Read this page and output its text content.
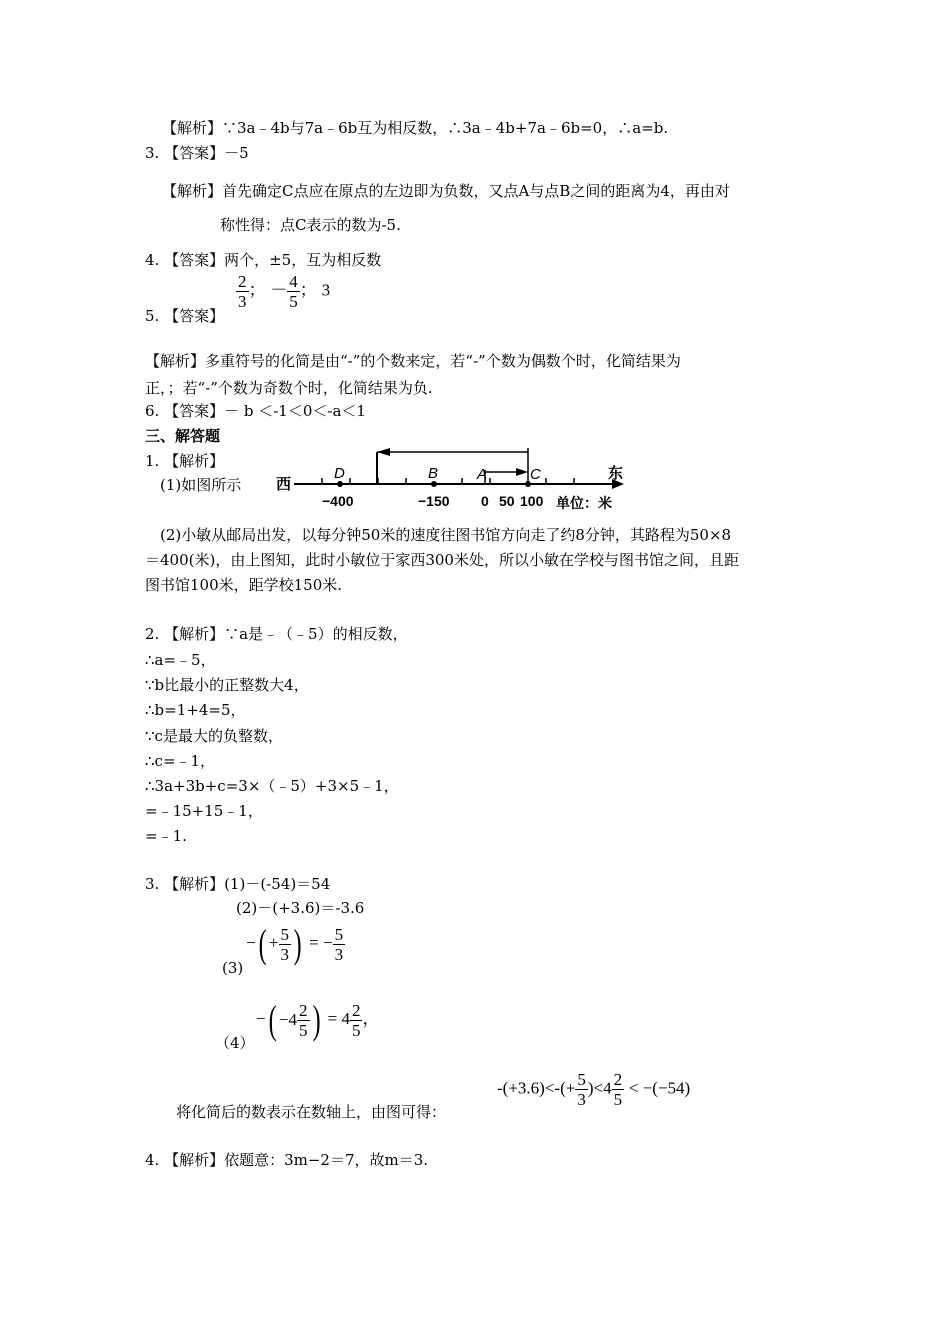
【解析】∵3a﹣4b与7a﹣6b互为相反数，∴3a﹣4b+7a﹣6b=0，∴a=b.
3. 【答案】－5
【解析】首先确定C点应在原点的左边即为负数，又点A与点B之间的距离为4，再由对
称性得：点C表示的数为-5.
4. 【答案】两个，±5，互为相反数
5. 【答案】
$\frac{2}{3}$ ； － $\frac{4}{5}$ ； 3
【解析】多重符号的化简是由“-”的个数来定，若“-”个数为偶数个时，化简结果为
正，；若“-”个数为奇数个时，化简结果为负.
6. 【答案】－ b ＜-1＜0＜-a＜1
三、解答题
1. 【解析】
(1)如图所示 西
东
D	B	A	C
−400	−150 0 50 100 单位：米
(2)小敏从邮局出发，以每分钟50米的速度往图书馆方向走了约8分钟，其路程为50×8
＝400(米)，由上图知，此时小敏位于家西300米处，所以小敏在学校与图书馆之间，且距
图书馆100米，距学校150米.
2. 【解析】∵a是﹣（﹣5）的相反数，
∴a=﹣5，
∵b比最小的正整数大4，
∴b=1+4=5，
∵c是最大的负整数，
∴c=﹣1，
∴3a+3b+c=3×（﹣5）+3×5﹣1，
=﹣15+15﹣1，
=﹣1.
3. 【解析】(1)－(-54)＝54
(2)－(+3.6)＝-3.6
(3)
−( + $\frac{5}{3}$ ) = − $\frac{5}{3}$
（4）
−( $-4 \frac{2}{5}$ ) = $4 \frac{2}{5}$ ，
将化简后的数表示在数轴上，由图可得：
$-(+3.6)<-(+ \frac{5}{3} )<4 \frac{2}{5} < -(-54)$
4. 【解析】依题意：3m−2＝7，故m＝3.
